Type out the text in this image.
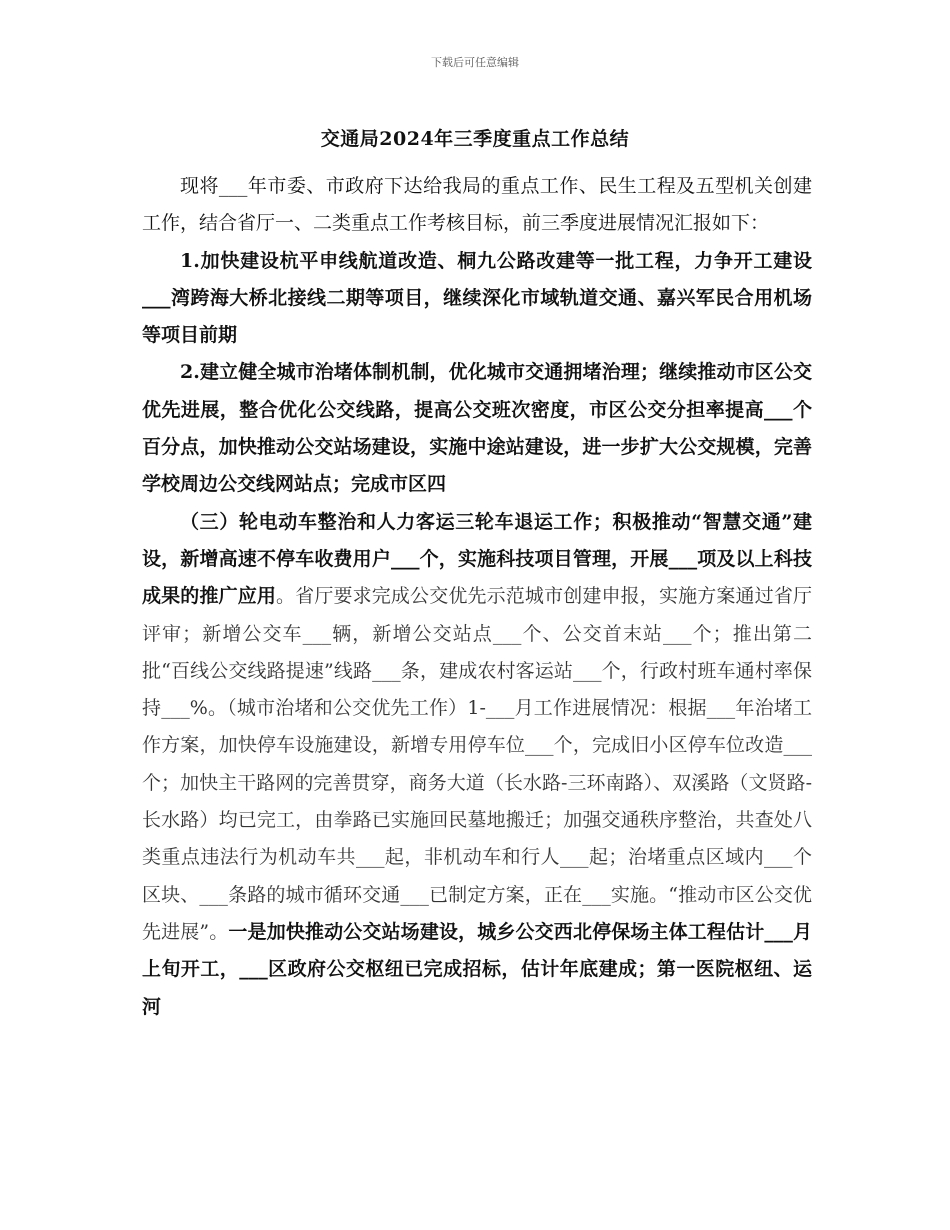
下载后可任意编辑
交通局2024年三季度重点工作总结

现将___年市委、市政府下达给我局的重点工作、民生工程及五型机关创建工作，结合省厅一、二类重点工作考核目标，前三季度进展情况汇报如下：

1.加快建设杭平申线航道改造、桐九公路改建等一批工程，力争开工建设___湾跨海大桥北接线二期等项目，继续深化市域轨道交通、嘉兴军民合用机场等项目前期

2.建立健全城市治堵体制机制，优化城市交通拥堵治理；继续推动市区公交优先进展，整合优化公交线路，提高公交班次密度，市区公交分担率提高___个百分点，加快推动公交站场建设，实施中途站建设，进一步扩大公交规模，完善学校周边公交线网站点；完成市区四

（三）轮电动车整治和人力客运三轮车退运工作；积极推动“智慧交通”建设，新增高速不停车收费用户___个，实施科技项目管理，开展___项及以上科技成果的推广应用。省厅要求完成公交优先示范城市创建申报，实施方案通过省厅评审；新增公交车___辆，新增公交站点___个、公交首末站___个；推出第二批“百线公交线路提速”线路___条，建成农村客运站___个，行政村班车通村率保持___%。（城市治堵和公交优先工作）1-___月工作进展情况：根据___年治堵工作方案，加快停车设施建设，新增专用停车位___个，完成旧小区停车位改造___个；加快主干路网的完善贯穿，商务大道（长水路-三环南路）、双溪路（文贤路-长水路）均已完工，由拳路已实施回民墓地搬迁；加强交通秩序整治，共查处八类重点违法行为机动车共___起，非机动车和行人___起；治堵重点区域内___个区块、___条路的城市循环交通___已制定方案，正在___实施。“推动市区公交优先进展”。一是加快推动公交站场建设，城乡公交西北停保场主体工程估计___月上旬开工，___区政府公交枢纽已完成招标，估计年底建成；第一医院枢纽、运河
